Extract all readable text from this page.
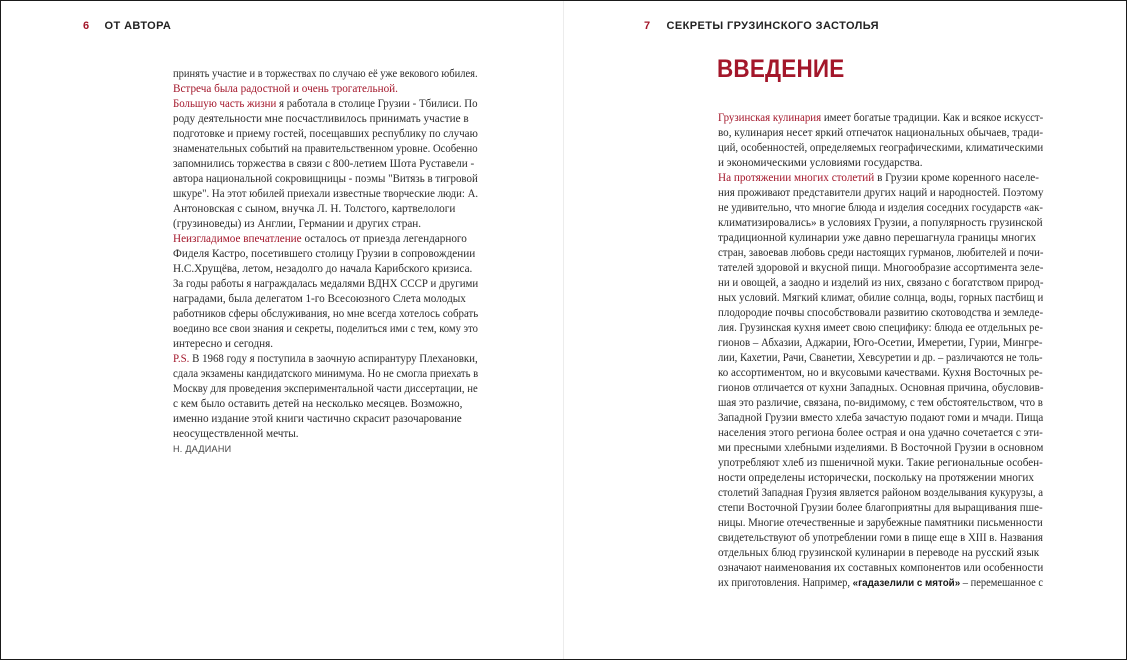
6 ОТ АВТОРА
принять участие и в торжествах по случаю её уже векового юбилея.
Встреча была радостной и очень трогательной.
Большую часть жизни я работала в столице Грузии - Тбилиси. По
роду деятельности мне посчастливилось принимать участие в
подготовке и приему гостей, посещавших республику по случаю
знаменательных событий на правительственном уровне. Особенно
запомнились торжества в связи с 800-летием Шота Руставели -
автора национальной сокровищницы - поэмы "Витязь в тигровой
шкуре". На этот юбилей приехали известные творческие люди: А.
Антоновская с сыном, внучка Л. Н. Толстого, картвелологи
(грузиноведы) из Англии, Германии и других стран.
Неизгладимое впечатление осталось от приезда легендарного
Фиделя Кастро, посетившего столицу Грузии в сопровождении
Н.С.Хрущёва, летом, незадолго до начала Карибского кризиса.
За годы работы я награждалась медалями ВДНХ СССР и другими
наградами, была делегатом 1-го Всесоюзного Слета молодых
работников сферы обслуживания, но мне всегда хотелось собрать
воедино все свои знания и секреты, поделиться ими с тем, кому это
интересно и сегодня.
P.S. В 1968 году я поступила в заочную аспирантуру Плехановки,
сдала экзамены кандидатского минимума. Но не смогла приехать в
Москву для проведения экспериментальной части диссертации, не
с кем было оставить детей на несколько месяцев. Возможно,
именно издание этой книги частично скрасит разочарование
неосуществленной мечты.
Н. ДАДИАНИ
7 СЕКРЕТЫ ГРУЗИНСКОГО ЗАСТОЛЬЯ
ВВЕДЕНИЕ
Грузинская кулинария имеет богатые традиции. Как и всякое искусст-
во, кулинария несет яркий отпечаток национальных обычаев, тради-
ций, особенностей, определяемых географическими, климатическими
и экономическими условиями государства.
На протяжении многих столетий в Грузии кроме коренного населе-
ния проживают представители других наций и народностей. Поэтому
не удивительно, что многие блюда и изделия соседних государств «ак-
климатизировались» в условиях Грузии, а популярность грузинской
традиционной кулинарии уже давно перешагнула границы многих
стран, завоевав любовь среди настоящих гурманов, любителей и почи-
тателей здоровой и вкусной пищи. Многообразие ассортимента зеле-
ни и овощей, а заодно и изделий из них, связано с богатством природ-
ных условий. Мягкий климат, обилие солнца, воды, горных пастбищ и
плодородие почвы способствовали развитию скотоводства и земледе-
лия. Грузинская кухня имеет свою специфику: блюда ее отдельных ре-
гионов – Абхазии, Аджарии, Юго-Осетии, Имеретии, Гурии, Мингре-
лии, Кахетии, Рачи, Сванетии, Хевсуретии и др. – различаются не толь-
ко ассортиментом, но и вкусовыми качествами. Кухня Восточных ре-
гионов отличается от кухни Западных. Основная причина, обусловив-
шая это различие, связана, по-видимому, с тем обстоятельством, что в
Западной Грузии вместо хлеба зачастую подают гоми и мчади. Пища
населения этого региона более острая и она удачно сочетается с эти-
ми пресными хлебными изделиями. В Восточной Грузии в основном
употребляют хлеб из пшеничной муки. Такие региональные особен-
ности определены исторически, поскольку на протяжении многих
столетий Западная Грузия является районом возделывания кукурузы, а
степи Восточной Грузии более благоприятны для выращивания пше-
ницы. Многие отечественные и зарубежные памятники письменности
свидетельствуют об употреблении гоми в пище еще в XIII в. Названия
отдельных блюд грузинской кулинарии в переводе на русский язык
означают наименования их составных компонентов или особенности
их приготовления. Например, «гадазелили с мятой» – перемешанное с
